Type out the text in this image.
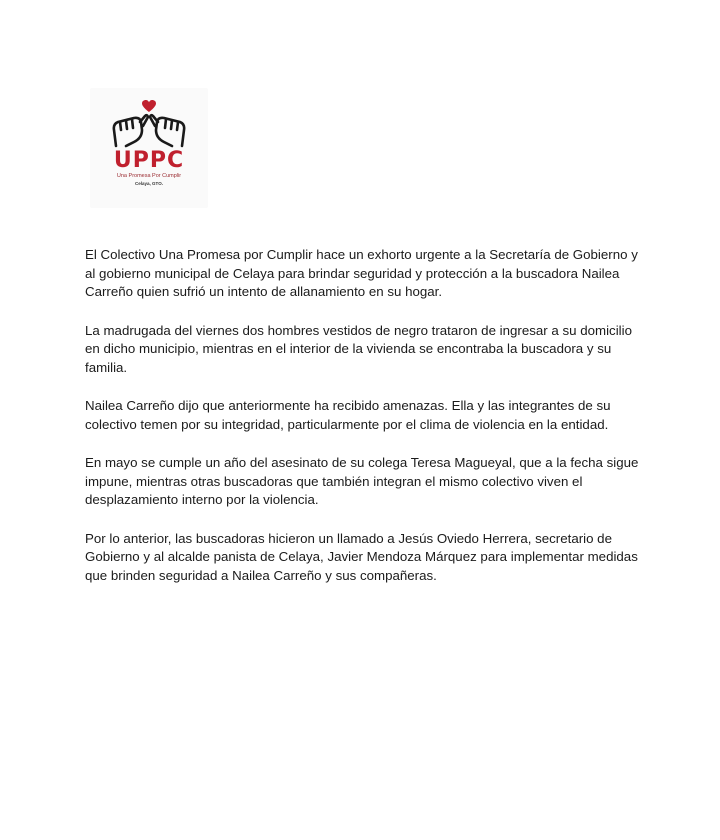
UPPC
Una Promesa Por Cumplir
Celaya, GTO.

El Colectivo Una Promesa por Cumplir hace un exhorto urgente a la Secretaría de Gobierno y al gobierno municipal de Celaya para brindar seguridad y protección a la buscadora Nailea Carreño quien sufrió un intento de allanamiento en su hogar.

La madrugada del viernes dos hombres vestidos de negro trataron de ingresar a su domicilio en dicho municipio, mientras en el interior de la vivienda se encontraba la buscadora y su familia.

Nailea Carreño dijo que anteriormente ha recibido amenazas. Ella y las integrantes de su colectivo temen por su integridad, particularmente por el clima de violencia en la entidad.

En mayo se cumple un año del asesinato de su colega Teresa Magueyal, que a la fecha sigue impune, mientras otras buscadoras que también integran el mismo colectivo viven el desplazamiento interno por la violencia.

Por lo anterior, las buscadoras hicieron un llamado a Jesús Oviedo Herrera, secretario de Gobierno y al alcalde panista de Celaya, Javier Mendoza Márquez para implementar medidas que brinden seguridad a Nailea Carreño y sus compañeras.
